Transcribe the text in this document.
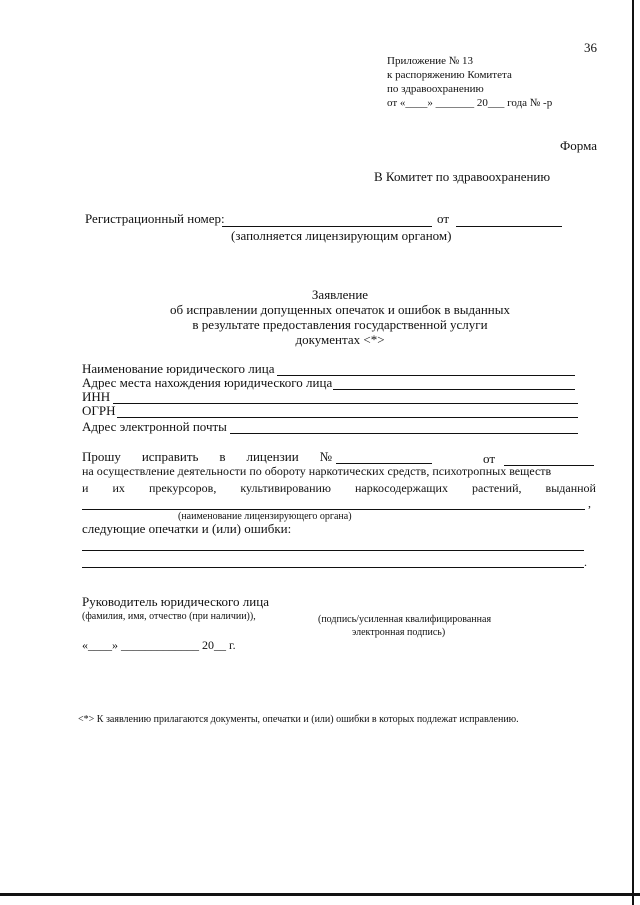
36
Приложение № 13
к распоряжению Комитета
по здравоохранению
от «____» _______ 20___ года № -р
Форма
В Комитет по здравоохранению
Регистрационный номер:	от
(заполняется лицензирующим органом)
Заявление
об исправлении допущенных опечаток и ошибок в выданных
в результате предоставления государственной услуги
документах <*>
Наименование юридического лица
Адрес места нахождения юридического лица
ИНН
ОГРН
Адрес электронной почты
Прошу исправить в лицензии №	от
на осуществление деятельности по обороту наркотических средств, психотропных веществ
и их прекурсоров, культивированию наркосодержащих растений, выданной
,
(наименование лицензирующего органа)
следующие опечатки и (или) ошибки:
.
Руководитель юридического лица
(фамилия, имя, отчество (при наличии)),	(подпись/усиленная квалифицированная
электронная подпись)
«____» _____________ 20__ г.
<*> К заявлению прилагаются документы, опечатки и (или) ошибки в которых подлежат исправлению.
